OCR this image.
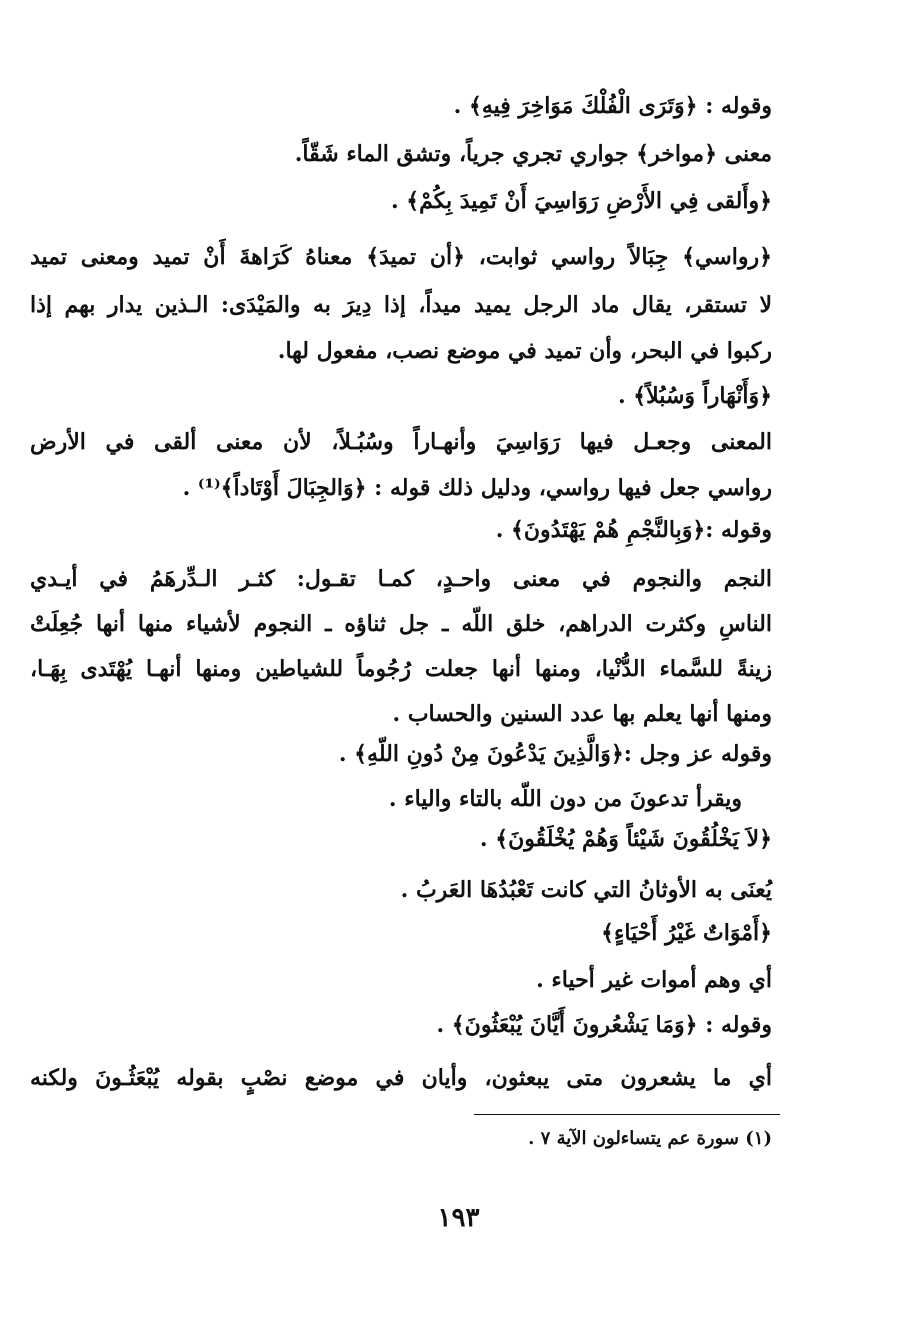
وقوله : ﴿وَتَرَى الْفُلْكَ مَوَاخِرَ فِيهِ﴾ .
معنى ﴿مواخر﴾ جواري تجري جرياً، وتشق الماء شَقّاً.
﴿وأَلقى فِي الأَرْضِ رَوَاسِيَ أَنْ تَمِيدَ بِكُمْ﴾ .
﴿رواسي﴾ جِبَالاً رواسي ثوابت، ﴿أن تميدَ﴾ معناهُ كَرَاهةَ أَنْ تميد ومعنى تميد
لا تستقر، يقال ماد الرجل يميد ميداً، إذا دِيرَ به والمَيْدَى: الـذين يدار بهم إذا
ركبوا في البحر، وأن تميد في موضع نصب، مفعول لها.
﴿وَأَنْهَاراً وَسُبُلاً﴾ .
المعنى وجعـل فيها رَوَاسِيَ وأنهـاراً وسُبُـلاً، لأن معنى ألقى في الأرض
رواسي جعل فيها رواسي، ودليل ذلك قوله : ﴿وَالجِبَالَ أَوْتَاداً﴾⁽¹⁾ .
وقوله :﴿وَبِالنَّجْمِ هُمْ يَهْتَدُونَ﴾ .
النجم والنجوم في معنى واحـدٍ، كمـا تقـول: كثـر الـدِّرهَمُ في أيـدي
الناسِ وكثرت الدراهم، خلق اللّه ـ جل ثناؤه ـ النجوم لأشياء منها أنها جُعِلَتْ
زينةً للسَّماء الدُّنْيا، ومنها أنها جعلت رُجُوماً للشياطين ومنها أنهـا يُهْتَدى بِهَـا،
ومنها أنها يعلم بها عدد السنين والحساب .
وقوله عز وجل :﴿وَالَّذِينَ يَدْعُونَ مِنْ دُونِ اللّهِ﴾ .
ويقرأ تدعونَ من دون اللّه بالتاء والياء .
﴿لاَ يَخْلُقُونَ شَيْئاً وَهُمْ يُخْلَقُونَ﴾ .
يُعنَى به الأوثانُ التي كانت تَعْبُدُهَا العَربُ .
﴿أَمْوَاتٌ غَيْرُ أَحْيَاءٍ﴾
أي وهم أموات غير أحياء .
وقوله : ﴿وَمَا يَشْعُرونَ أَيَّانَ يُبْعَثُونَ﴾ .
أي ما يشعرون متى يبعثون، وأيان في موضع نصْبٍ بقوله يُبْعَثُـونَ ولكنه
(١) سورة عم يتساءلون الآية ٧ .
١٩٣
